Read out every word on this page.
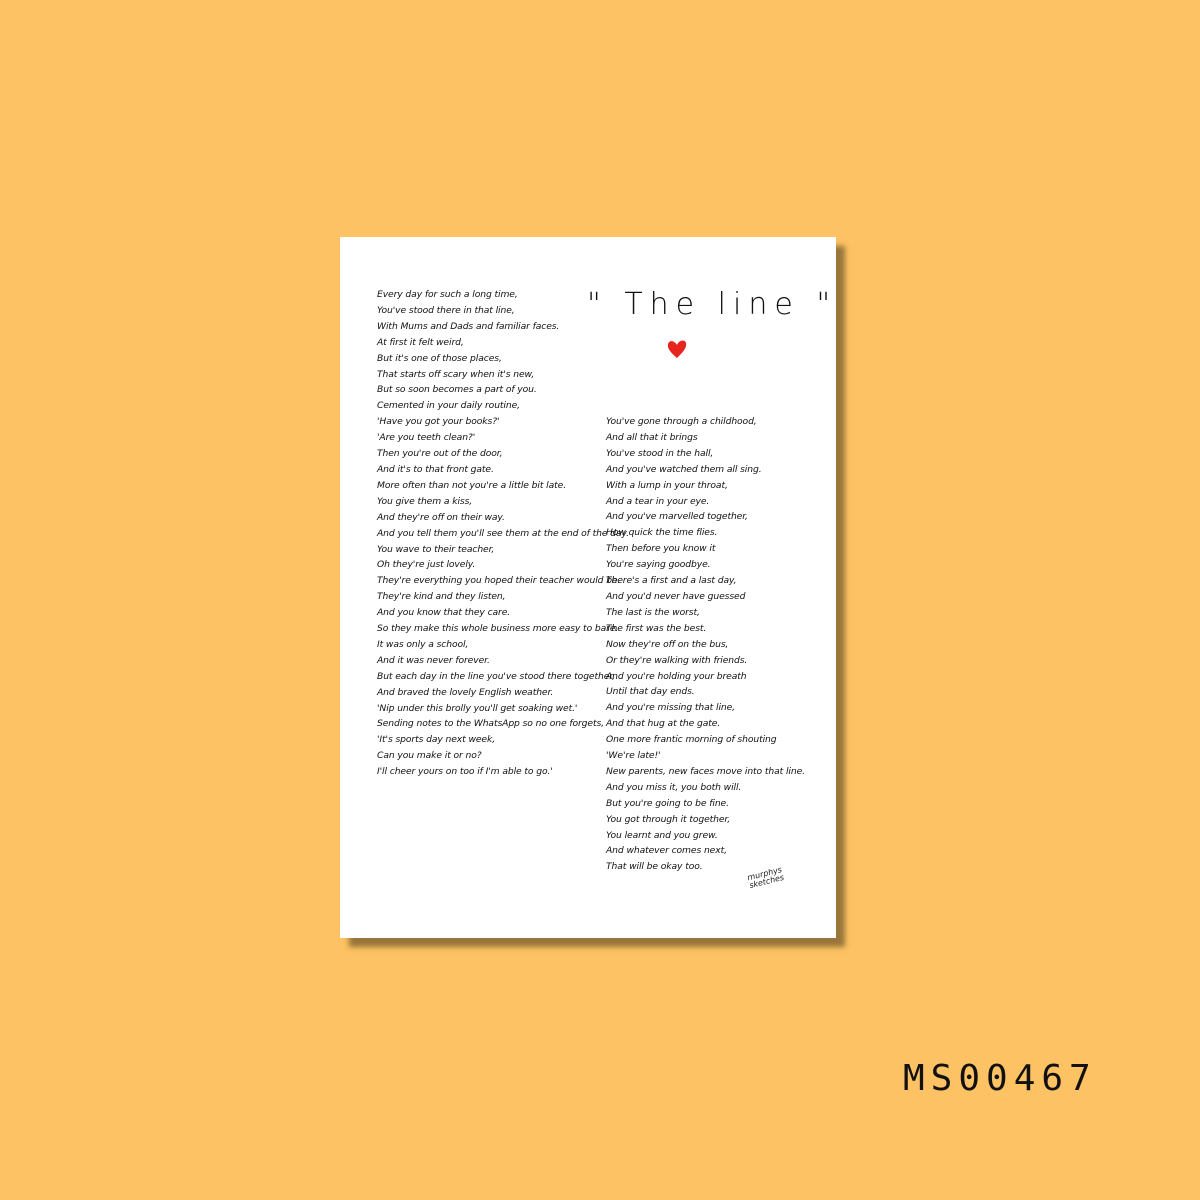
" The line "
Every day for such a long time,
You've stood there in that line,
With Mums and Dads and familiar faces.
At first it felt weird,
But it's one of those places,
That starts off scary when it's new,
But so soon becomes a part of you.
Cemented in your daily routine,
'Have you got your books?'
'Are you teeth clean?'
Then you're out of the door,
And it's to that front gate.
More often than not you're a little bit late.
You give them a kiss,
And they're off on their way.
And you tell them you'll see them at the end of the day.
You wave to their teacher,
Oh they're just lovely.
They're everything you hoped their teacher would be.
They're kind and they listen,
And you know that they care.
So they make this whole business more easy to bare.
It was only a school,
And it was never forever.
But each day in the line you've stood there together,
And braved the lovely English weather.
'Nip under this brolly you'll get soaking wet.'
Sending notes to the WhatsApp so no one forgets,
'It's sports day next week,
Can you make it or no?
I'll cheer yours on too if I'm able to go.'
You've gone through a childhood,
And all that it brings
You've stood in the hall,
And you've watched them all sing.
With a lump in your throat,
And a tear in your eye.
And you've marvelled together,
How quick the time flies.
Then before you know it
You're saying goodbye.
There's a first and a last day,
And you'd never have guessed
The last is the worst,
The first was the best.
Now they're off on the bus,
Or they're walking with friends.
And you're holding your breath
Until that day ends.
And you're missing that line,
And that hug at the gate.
One more frantic morning of shouting
'We're late!'
New parents, new faces move into that line.
And you miss it, you both will.
But you're going to be fine.
You got through it together,
You learnt and you grew.
And whatever comes next,
That will be okay too.	murphys sketches
MS00467
